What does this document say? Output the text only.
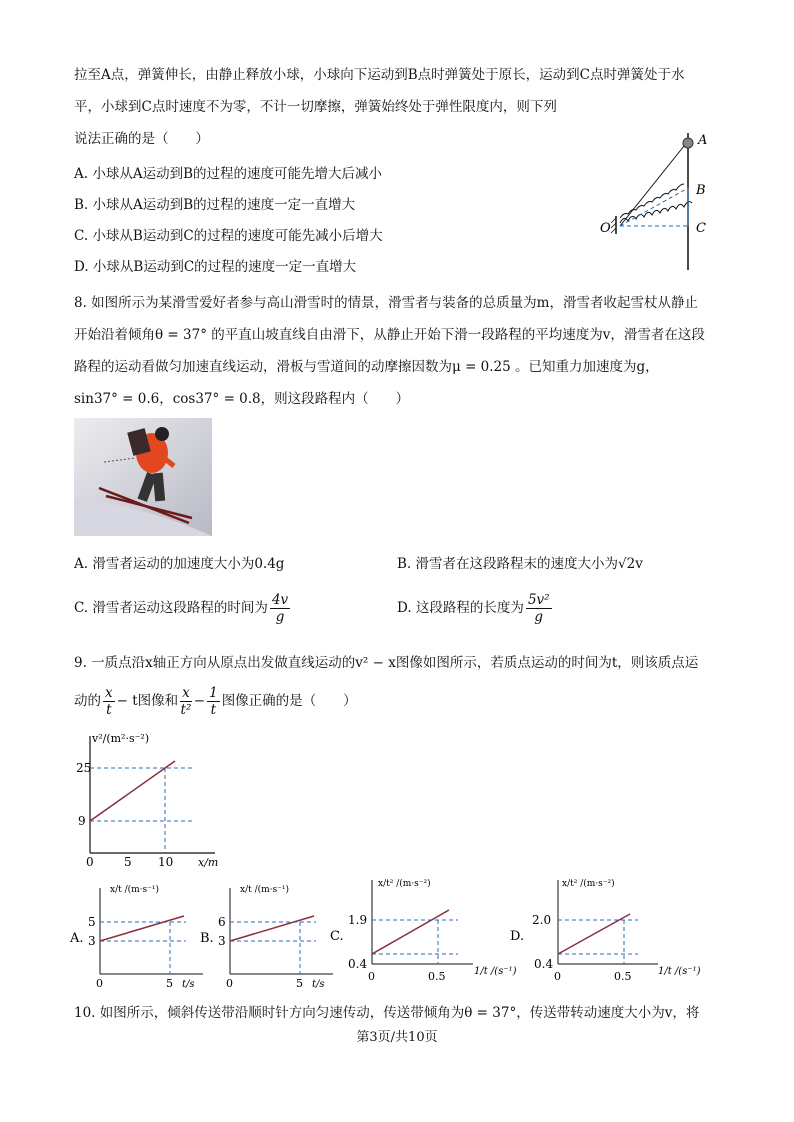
拉至A点，弹簧伸长，由静止释放小球，小球向下运动到B点时弹簧处于原长，运动到C点时弹簧处于水
平，小球到C点时速度不为零，不计一切摩擦，弹簧始终处于弹性限度内，则下列
说法正确的是（　　）
A. 小球从A运动到B的过程的速度可能先增大后减小
B. 小球从A运动到B的过程的速度一定一直增大
C. 小球从B运动到C的过程的速度可能先减小后增大
D. 小球从B运动到C的过程的速度一定一直增大
A
B
C
O
8. 如图所示为某滑雪爱好者参与高山滑雪时的情景，滑雪者与装备的总质量为m，滑雪者收起雪杖从静止
开始沿着倾角θ = 37° 的平直山坡直线自由滑下，从静止开始下滑一段路程的平均速度为v，滑雪者在这段
路程的运动看做匀加速直线运动，滑板与雪道间的动摩擦因数为μ = 0.25 。已知重力加速度为g，
sin37° = 0.6，cos37° = 0.8，则这段路程内（　　）
A. 滑雪者运动的加速度大小为0.4g	B. 滑雪者在这段路程末的速度大小为√2v
C. 滑雪者运动这段路程的时间为 $\frac{4v}{g}$	D. 这段路程的长度为 $\frac{\text{5v²}}{g}$
9. 一质点沿x轴正方向从原点出发做直线运动的v² − x图像如图所示，若质点运动的时间为t，则该质点运
动的 $\frac{x}{t} - t$图像和 $\frac{x}{\text{t²}} - \frac{1}{t}$ 图像正确的是（　　）
v²/(m²·s⁻²)
25
9
0	5 10 x/m
A.
x/t /(m·s⁻¹)
5
3
0	5 t/s
B.
x/t /(m·s⁻¹)
6
3
0	5 t/s
C.
x/t² /(m·s⁻²)
1.9
0.4
0	0.5	1/t /(s⁻¹)
D.
x/t² /(m·s⁻²)
2.0
0.4
0	0.5	1/t /(s⁻¹)
10. 如图所示，倾斜传送带沿顺时针方向匀速传动，传送带倾角为θ = 37°，传送带转动速度大小为v，将
第3页/共10页
